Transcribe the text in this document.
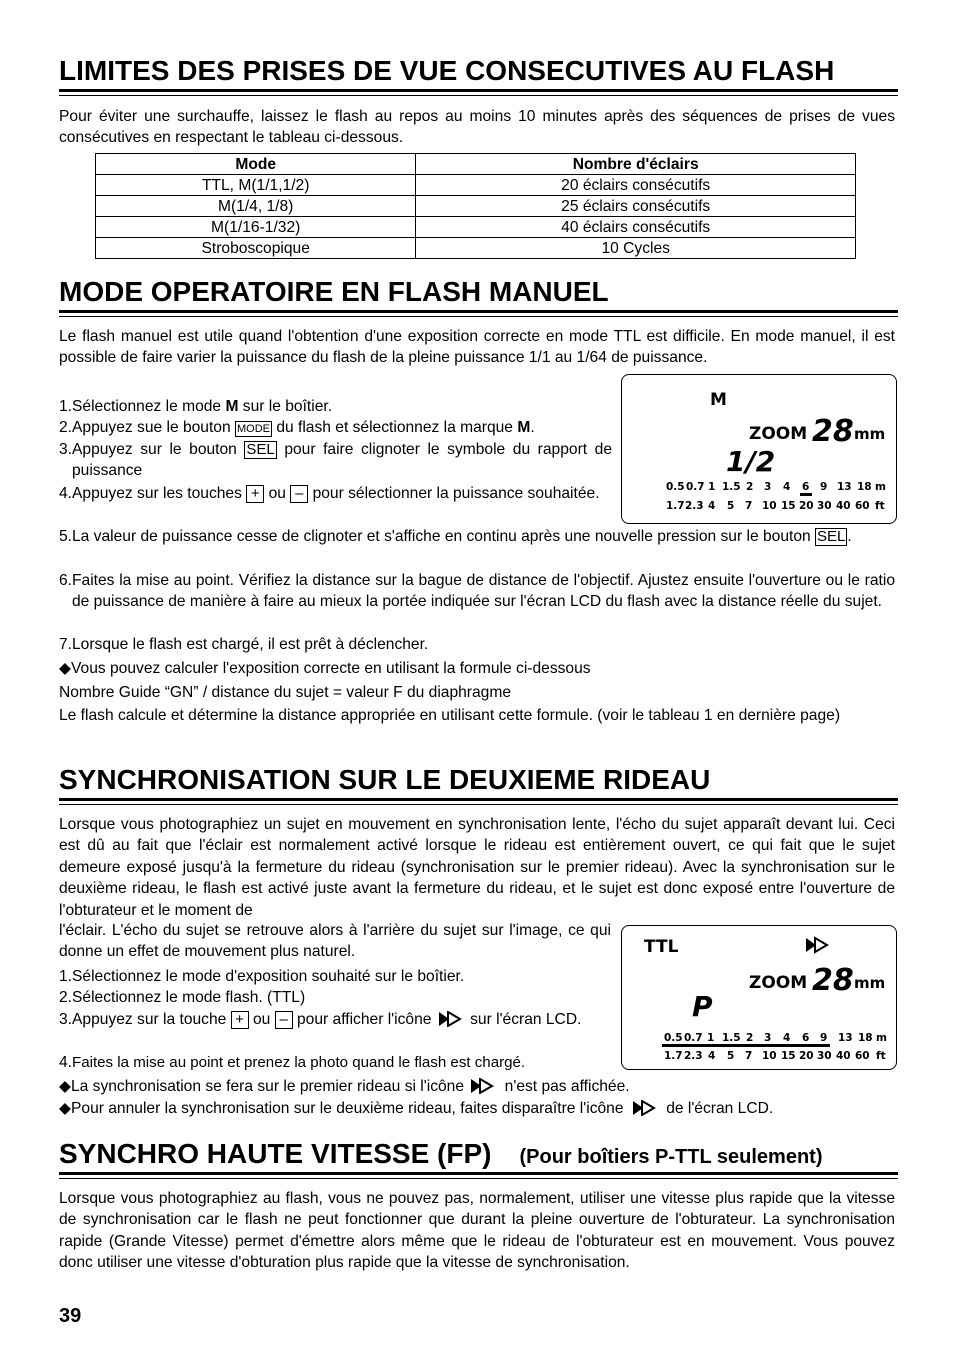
LIMITES DES PRISES DE VUE CONSECUTIVES AU FLASH

Pour éviter une surchauffe, laissez le flash au repos au moins 10 minutes après des séquences de prises de vues consécutives en respectant le tableau ci-dessous.

Mode	Nombre d'éclairs
TTL, M(1/1,1/2)	20 éclairs consécutifs
M(1/4, 1/8)	25 éclairs consécutifs
M(1/16-1/32)	40 éclairs consécutifs
Stroboscopique	10 Cycles
MODE OPERATOIRE EN FLASH MANUEL

Le flash manuel est utile quand l'obtention d'une exposition correcte en mode TTL est difficile. En mode manuel, il est possible de faire varier la puissance du flash de la pleine puissance 1/1 au 1/64 de puissance.

1. Sélectionnez le mode M sur le boîtier.
2. Appuyez sue le bouton MODE du flash et sélectionnez la marque M.
3. Appuyez sur le bouton SEL pour faire clignoter le symbole du rapport de puissance
4. Appuyez sur les touches + ou – pour sélectionner la puissance souhaitée.
5. La valeur de puissance cesse de clignoter et s'affiche en continu après une nouvelle pression sur le bouton SEL .
6. Faites la mise au point. Vérifiez la distance sur la bague de distance de l'objectif. Ajustez ensuite l'ouverture ou le ratio de puissance de manière à faire au mieux la portée indiquée sur l'écran LCD du flash avec la distance réelle du sujet.
7. Lorsque le flash est chargé, il est prêt à déclencher.
◆Vous pouvez calculer l'exposition correcte en utilisant la formule ci-dessous
Nombre Guide “GN” / distance du sujet = valeur F du diaphragme

Le flash calcule et détermine la distance appropriée en utilisant cette formule. (voir le tableau 1 en dernière page)

M
ZOOM 28 mm
1/2
0.5 0.7 1 1.5 2 3 4 6 9 13 18 m
1.7 2.3 4 5 7 10 15 20 30 40 60 ft
SYNCHRONISATION SUR LE DEUXIEME RIDEAU

Lorsque vous photographiez un sujet en mouvement en synchronisation lente, l'écho du sujet apparaît devant lui. Ceci est dû au fait que l'éclair est normalement activé lorsque le rideau est entièrement ouvert, ce qui fait que le sujet demeure exposé jusqu'à la fermeture du rideau (synchronisation sur le premier rideau). Avec la synchronisation sur le deuxième rideau, le flash est activé juste avant la fermeture du rideau, et le sujet est donc exposé entre l'ouverture de l'obturateur et le moment de

l'éclair. L'écho du sujet se retrouve alors à l'arrière du sujet sur l'image, ce qui donne un effet de mouvement plus naturel.

1. Sélectionnez le mode d'exposition souhaité sur le boîtier.
2. Sélectionnez le mode flash. (TTL)
3. Appuyez sur la touche + ou – pour afficher l'icône  sur l'écran LCD.
4. Faites la mise au point et prenez la photo quand le flash est chargé.
◆La synchronisation se fera sur le premier rideau si l'icône  n'est pas affichée.
◆Pour annuler la synchronisation sur le deuxième rideau, faites disparaître l'icône  de l'écran LCD.
TTL
ZOOM 28 mm
P
0.5 0.7 1 1.5 2 3 4 6 9 13 18 m
1.7 2.3 4 5 7 10 15 20 30 40 60 ft
SYNCHRO HAUTE VITESSE (FP) (Pour boîtiers P-TTL seulement)

Lorsque vous photographiez au flash, vous ne pouvez pas, normalement, utiliser une vitesse plus rapide que la vitesse de synchronisation car le flash ne peut fonctionner que durant la pleine ouverture de l'obturateur. La synchronisation rapide (Grande Vitesse) permet d'émettre alors même que le rideau de l'obturateur est en mouvement. Vous pouvez donc utiliser une vitesse d'obturation plus rapide que la vitesse de synchronisation.

39
